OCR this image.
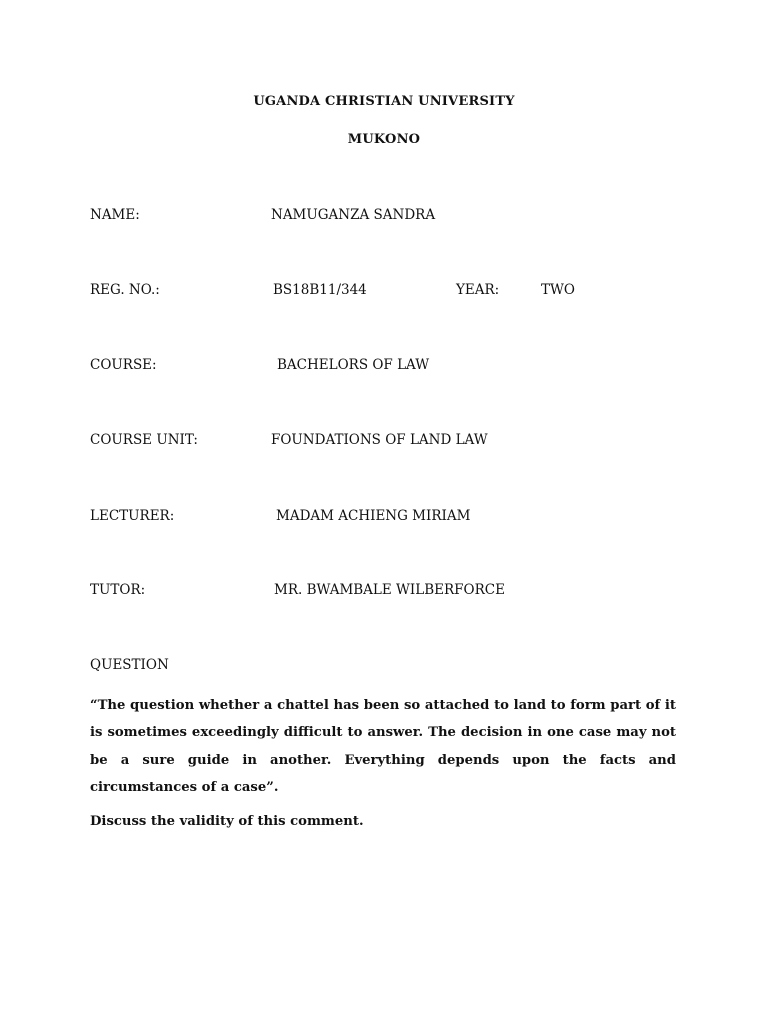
UGANDA CHRISTIAN UNIVERSITY
MUKONO
NAME:	NAMUGANZA SANDRA
REG. NO.:	BS18B11/344	YEAR:	TWO
COURSE:	BACHELORS OF LAW
COURSE UNIT:	FOUNDATIONS OF LAND LAW
LECTURER:	MADAM ACHIENG MIRIAM
TUTOR:	MR. BWAMBALE WILBERFORCE
QUESTION
“The question whether a chattel has been so attached to land to form part of it is sometimes exceedingly difficult to answer. The decision in one case may not be a sure guide in another. Everything depends upon the facts and circumstances of a case”.
Discuss the validity of this comment.
